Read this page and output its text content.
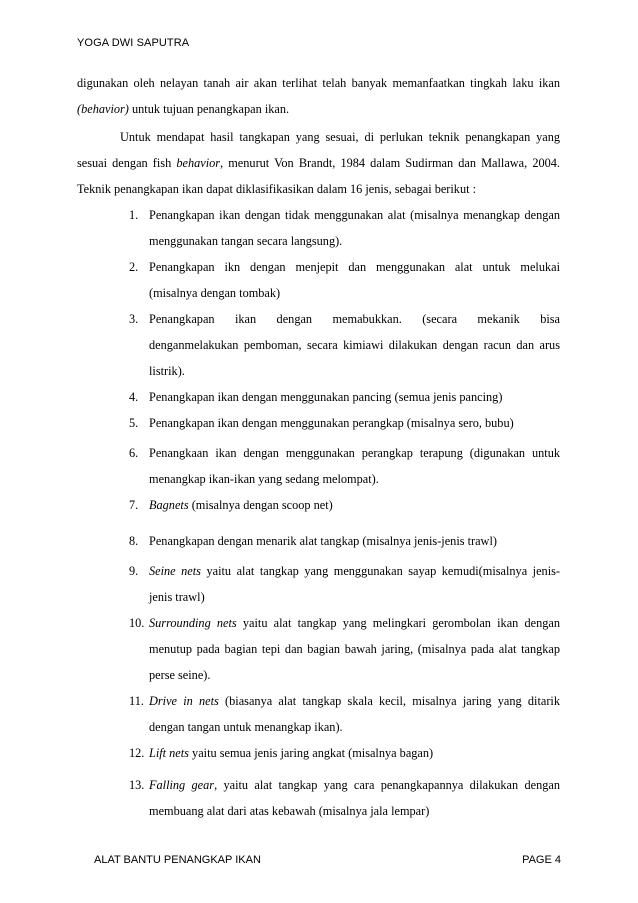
YOGA DWI SAPUTRA
digunakan oleh nelayan tanah air akan terlihat telah banyak memanfaatkan tingkah laku ikan
(behavior) untuk tujuan penangkapan ikan.
Untuk mendapat hasil tangkapan yang sesuai, di perlukan teknik penangkapan yang
sesuai dengan fish behavior, menurut Von Brandt, 1984 dalam Sudirman dan Mallawa, 2004.
Teknik penangkapan ikan dapat diklasifikasikan dalam 16 jenis, sebagai berikut :
1. Penangkapan ikan dengan tidak menggunakan alat (misalnya menangkap dengan
menggunakan tangan secara langsung).
2. Penangkapan ikn dengan menjepit dan menggunakan alat untuk melukai
(misalnya dengan tombak)
3. Penangkapan ikan dengan memabukkan. (secara mekanik bisa
denganmelakukan pemboman, secara kimiawi dilakukan dengan racun dan arus
listrik).
4. Penangkapan ikan dengan menggunakan pancing (semua jenis pancing)
5. Penangkapan ikan dengan menggunakan perangkap (misalnya sero, bubu)
6. Penangkaan ikan dengan menggunakan perangkap terapung (digunakan untuk
menangkap ikan-ikan yang sedang melompat).
7. Bagnets (misalnya dengan scoop net)
8. Penangkapan dengan menarik alat tangkap (misalnya jenis-jenis trawl)
9. Seine nets yaitu alat tangkap yang menggunakan sayap kemudi(misalnya jenis-
jenis trawl)
10. Surrounding nets yaitu alat tangkap yang melingkari gerombolan ikan dengan
menutup pada bagian tepi dan bagian bawah jaring, (misalnya pada alat tangkap
perse seine).
11. Drive in nets (biasanya alat tangkap skala kecil, misalnya jaring yang ditarik
dengan tangan untuk menangkap ikan).
12. Lift nets yaitu semua jenis jaring angkat (misalnya bagan)
13. Falling gear, yaitu alat tangkap yang cara penangkapannya dilakukan dengan
membuang alat dari atas kebawah (misalnya jala lempar)
ALAT BANTU PENANGKAP IKAN	PAGE 4
